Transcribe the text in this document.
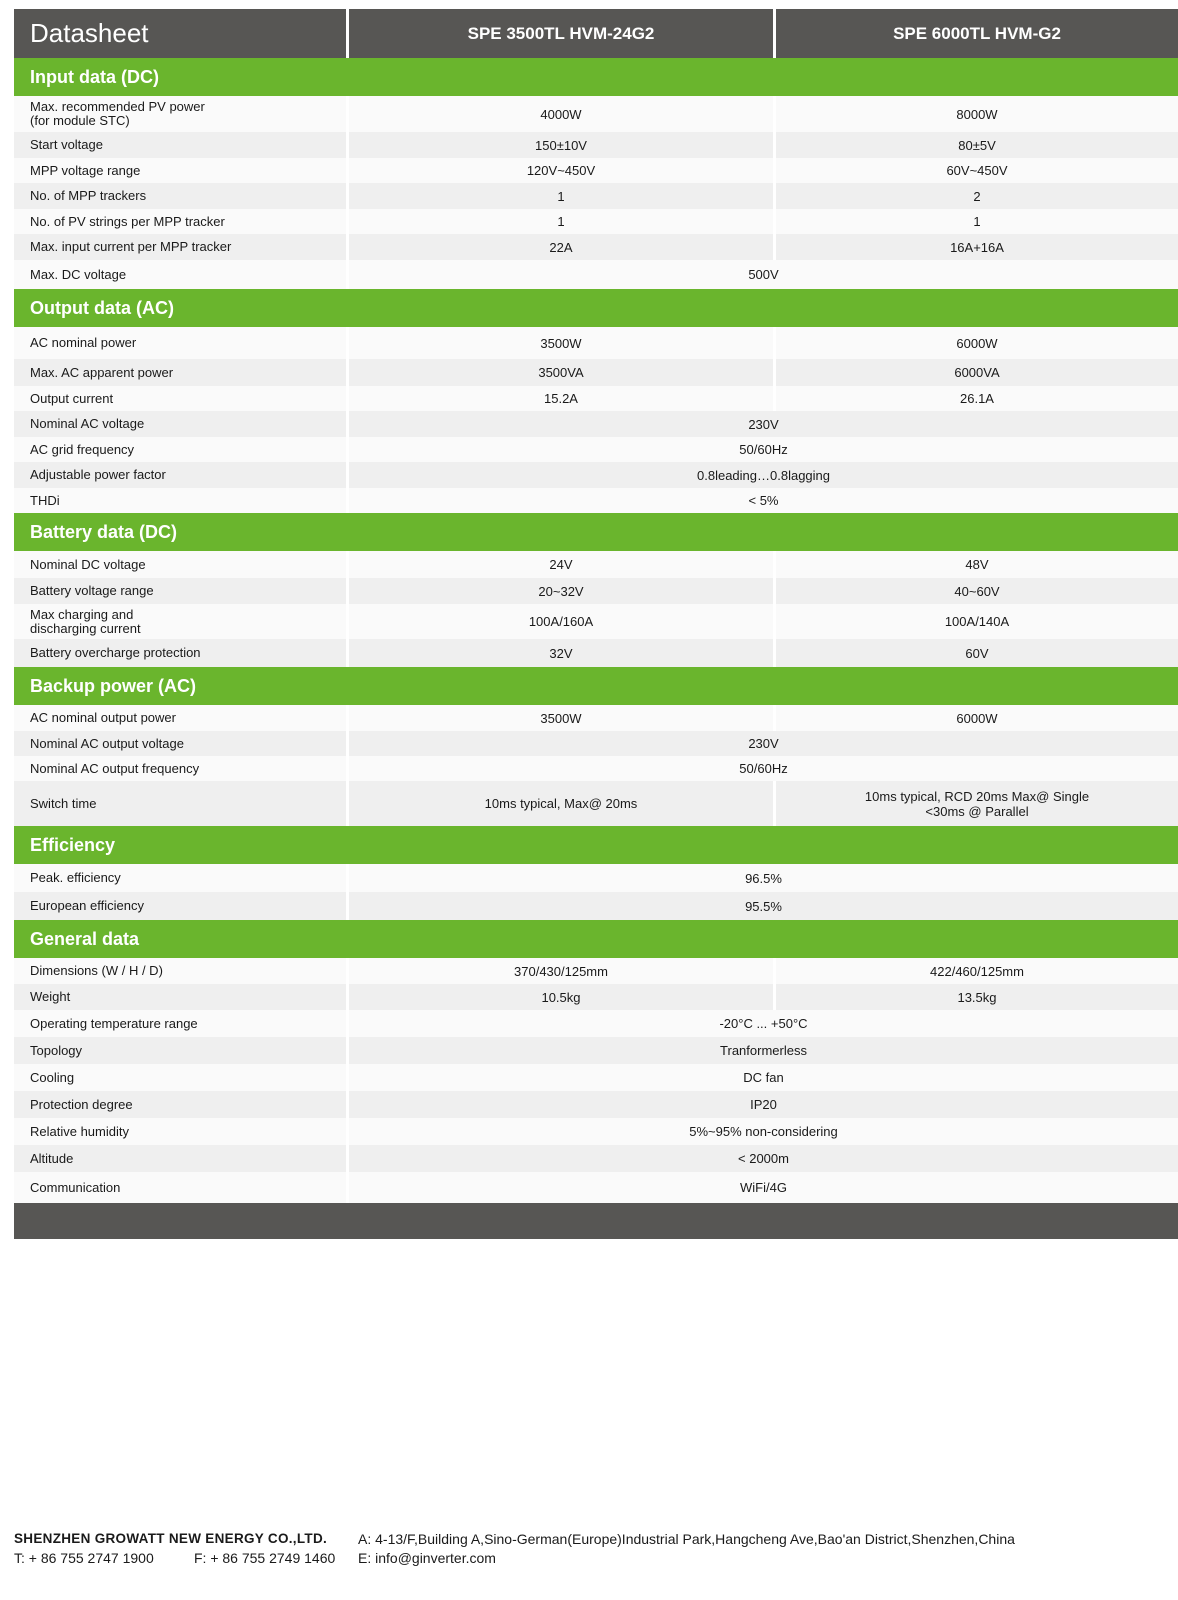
Datasheet	SPE 3500TL HVM-24G2	SPE 6000TL HVM-G2
Input data (DC)
Max. recommended PV power
(for module STC)	4000W	8000W
Start voltage	150±10V	80±5V
MPP voltage range	120V~450V	60V~450V
No. of MPP trackers	1	2
No. of PV strings per MPP tracker	1	1
Max. input current per MPP tracker	22A	16A+16A
Max. DC voltage	500V
Output data (AC)
AC nominal power	3500W	6000W
Max. AC apparent power	3500VA	6000VA
Output current	15.2A	26.1A
Nominal AC voltage	230V
AC grid frequency	50/60Hz
Adjustable power factor	0.8leading…0.8lagging
THDi	< 5%
Battery data (DC)
Nominal DC voltage	24V	48V
Battery voltage range	20~32V	40~60V
Max charging and
discharging current	100A/160A	100A/140A
Battery overcharge protection	32V	60V
Backup power (AC)
AC nominal output power	3500W	6000W
Nominal AC output voltage	230V
Nominal AC output frequency	50/60Hz
Switch time	10ms typical, Max@ 20ms	10ms typical, RCD 20ms Max@ Single
<30ms @ Parallel
Efficiency
Peak. efficiency	96.5%
European efficiency	95.5%
General data
Dimensions (W / H / D)	370/430/125mm	422/460/125mm
Weight	10.5kg	13.5kg
Operating temperature range	-20°C ... +50°C
Topology	Tranformerless
Cooling	DC fan
Protection degree	IP20
Relative humidity	5%~95% non-considering
Altitude	< 2000m
Communication	WiFi/4G
SHENZHEN GROWATT NEW ENERGY CO.,LTD.	A: 4-13/F,Building A,Sino-German(Europe)Industrial Park,Hangcheng Ave,Bao'an District,Shenzhen,China
T: + 86 755 2747 1900	F: + 86 755 2749 1460	E: info@ginverter.com
